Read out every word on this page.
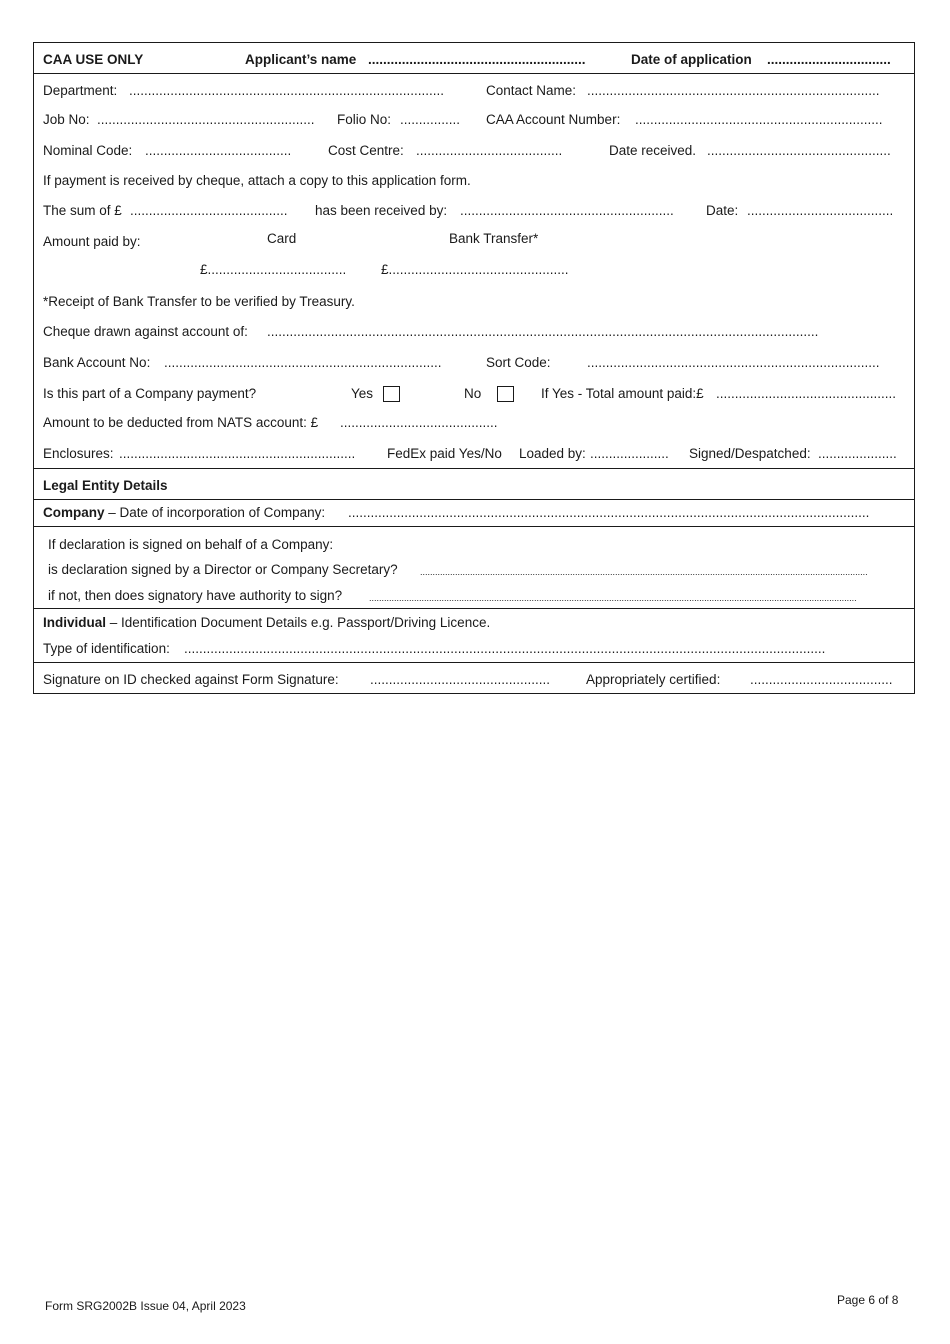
CAA USE ONLY	Applicant’s name ..........................................................	Date of application .................................
Department: ....................................................................................	Contact Name: ..............................................................................
Job No: ..........................................................	Folio No: ................ CAA Account Number: ..................................................................
Nominal Code: .......................................	Cost Centre: .......................................	Date received. .................................................
If payment is received by cheque, attach a copy to this application form.
The sum of £ ..........................................	has been received by: .........................................................	Date: .......................................
Amount paid by:	Card	Bank Transfer*
£.....................................	£................................................
*Receipt of Bank Transfer to be verified by Treasury.
Cheque drawn against account of: ...................................................................................................................................................
Bank Account No: ..........................................................................	Sort Code:	..............................................................................
Is this part of a Company payment?	Yes	No	If Yes - Total amount paid:£ ................................................
Amount to be deducted from NATS account: £ ..........................................
Enclosures: ...............................................................	FedEx paid Yes/No Loaded by: .....................	Signed/Despatched: .....................
Legal Entity Details
Company – Date of incorporation of Company: ...........................................................................................................................................
If declaration is signed on behalf of a Company:
is declaration signed by a Director or Company Secretary? ...................................................................................................................................................................................
if not, then does signatory have authority to sign?	...................................................................................................................................................................................................
Individual – Identification Document Details e.g. Passport/Driving Licence.
Type of identification: ...........................................................................................................................................................................
Signature on ID checked against Form Signature: ................................................	Appropriately certified: ......................................
Form SRG2002B Issue 04, April 2023	Page 6 of 8
